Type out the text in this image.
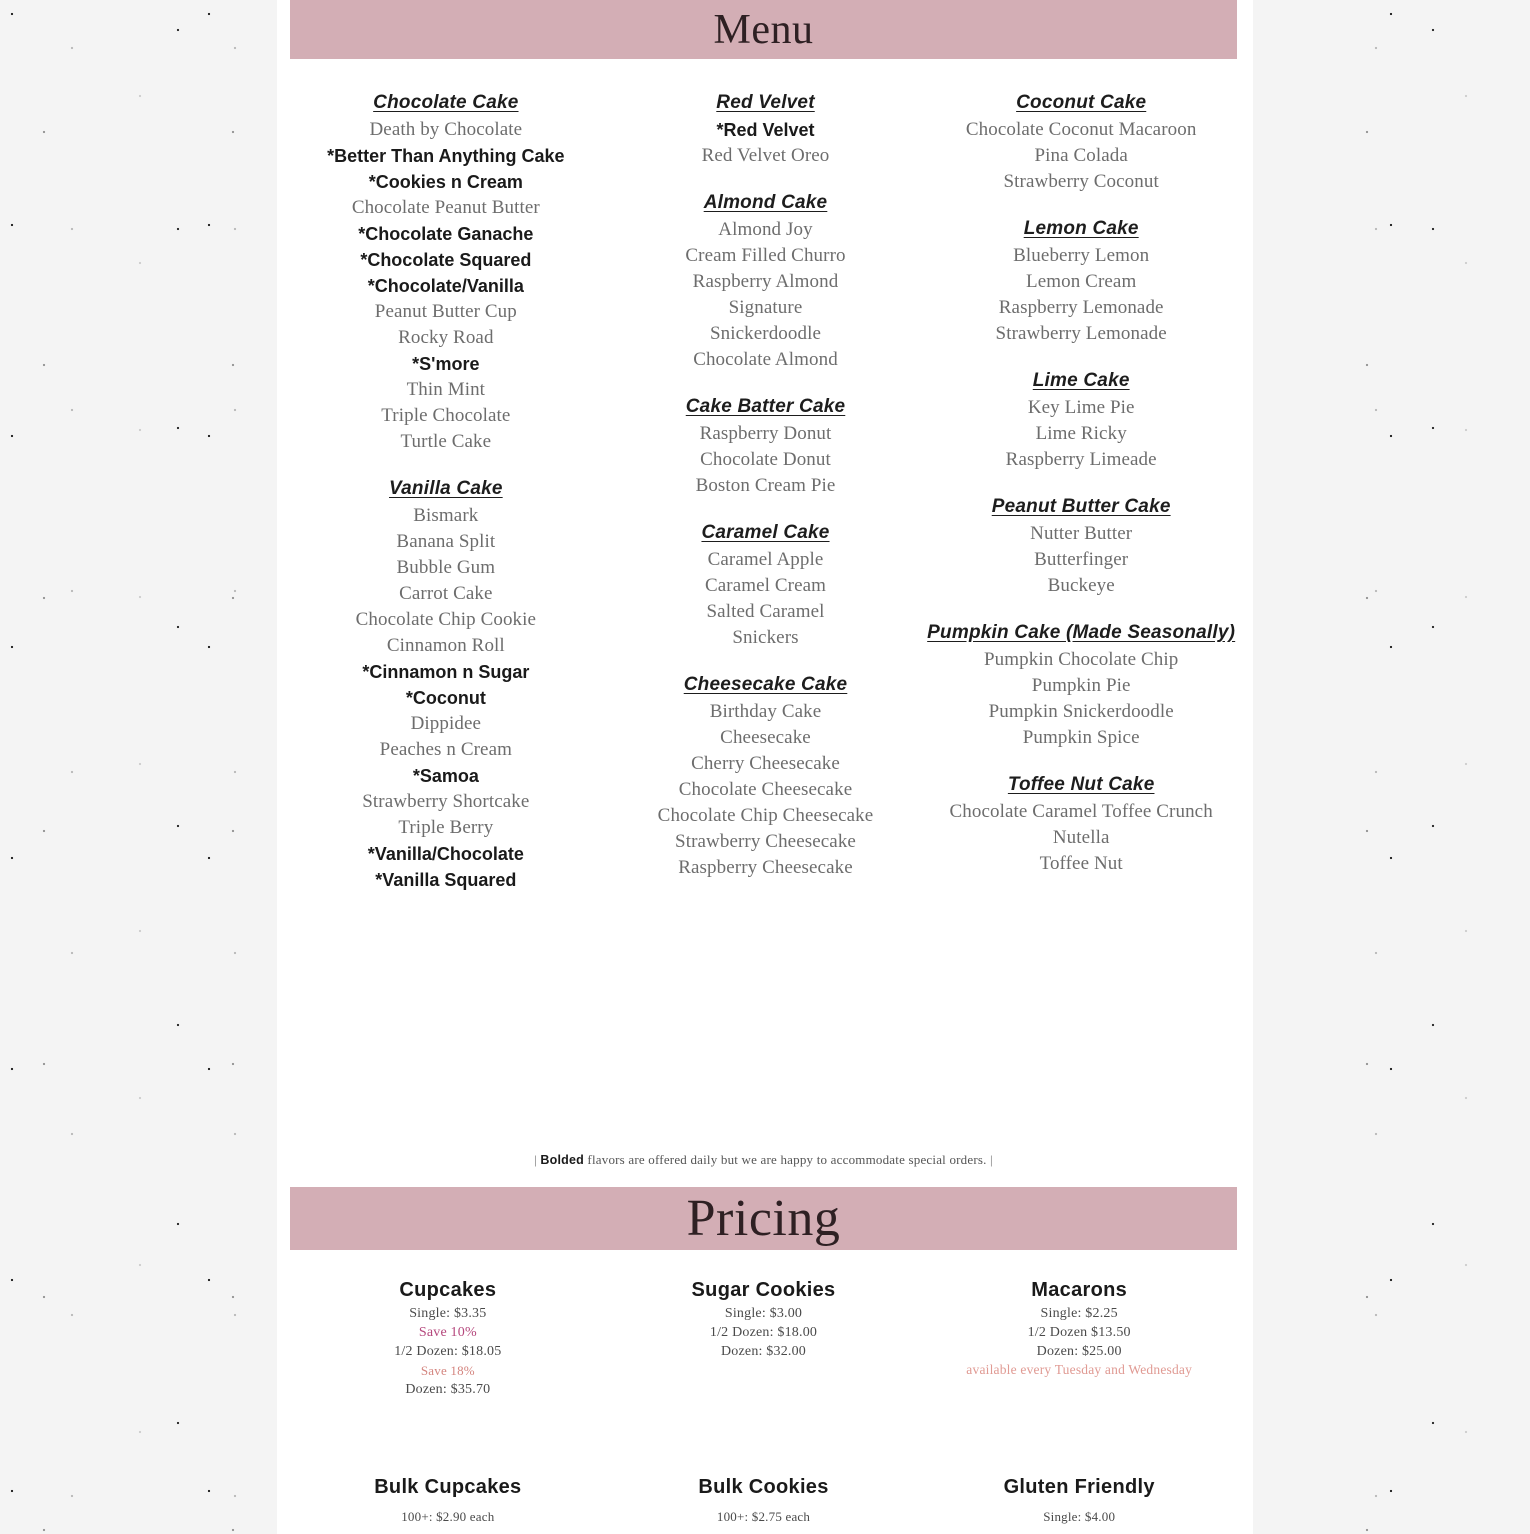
Menu
Chocolate Cake
Death by Chocolate
*Better Than Anything Cake
*Cookies n Cream
Chocolate Peanut Butter
*Chocolate Ganache
*Chocolate Squared
*Chocolate/Vanilla
Peanut Butter Cup
Rocky Road
*S'more
Thin Mint
Triple Chocolate
Turtle Cake
Vanilla Cake
Bismark
Banana Split
Bubble Gum
Carrot Cake
Chocolate Chip Cookie
Cinnamon Roll
*Cinnamon n Sugar
*Coconut
Dippidee
Peaches n Cream
*Samoa
Strawberry Shortcake
Triple Berry
*Vanilla/Chocolate
*Vanilla Squared
Red Velvet
*Red Velvet
Red Velvet Oreo
Almond Cake
Almond Joy
Cream Filled Churro
Raspberry Almond
Signature
Snickerdoodle
Chocolate Almond
Cake Batter Cake
Raspberry Donut
Chocolate Donut
Boston Cream Pie
Caramel Cake
Caramel Apple
Caramel Cream
Salted Caramel
Snickers
Cheesecake Cake
Birthday Cake
Cheesecake
Cherry Cheesecake
Chocolate Cheesecake
Chocolate Chip Cheesecake
Strawberry Cheesecake
Raspberry Cheesecake
Coconut Cake
Chocolate Coconut Macaroon
Pina Colada
Strawberry Coconut
Lemon Cake
Blueberry Lemon
Lemon Cream
Raspberry Lemonade
Strawberry Lemonade
Lime Cake
Key Lime Pie
Lime Ricky
Raspberry Limeade
Peanut Butter Cake
Nutter Butter
Butterfinger
Buckeye
Pumpkin Cake (Made Seasonally)
Pumpkin Chocolate Chip
Pumpkin Pie
Pumpkin Snickerdoodle
Pumpkin Spice
Toffee Nut Cake
Chocolate Caramel Toffee Crunch
Nutella
Toffee Nut
| Bolded flavors are offered daily but we are happy to accommodate special orders. |
Pricing
Cupcakes
Single: $3.35
Save 10%
1/2 Dozen: $18.05
Save 18%
Dozen: $35.70
Sugar Cookies
Single: $3.00
1/2 Dozen: $18.00
Dozen: $32.00
Macarons
Single: $2.25
1/2 Dozen $13.50
Dozen: $25.00
available every Tuesday and Wednesday
Bulk Cupcakes
100+: $2.90 each
Bulk Cookies
100+: $2.75 each
Gluten Friendly
Single: $4.00
